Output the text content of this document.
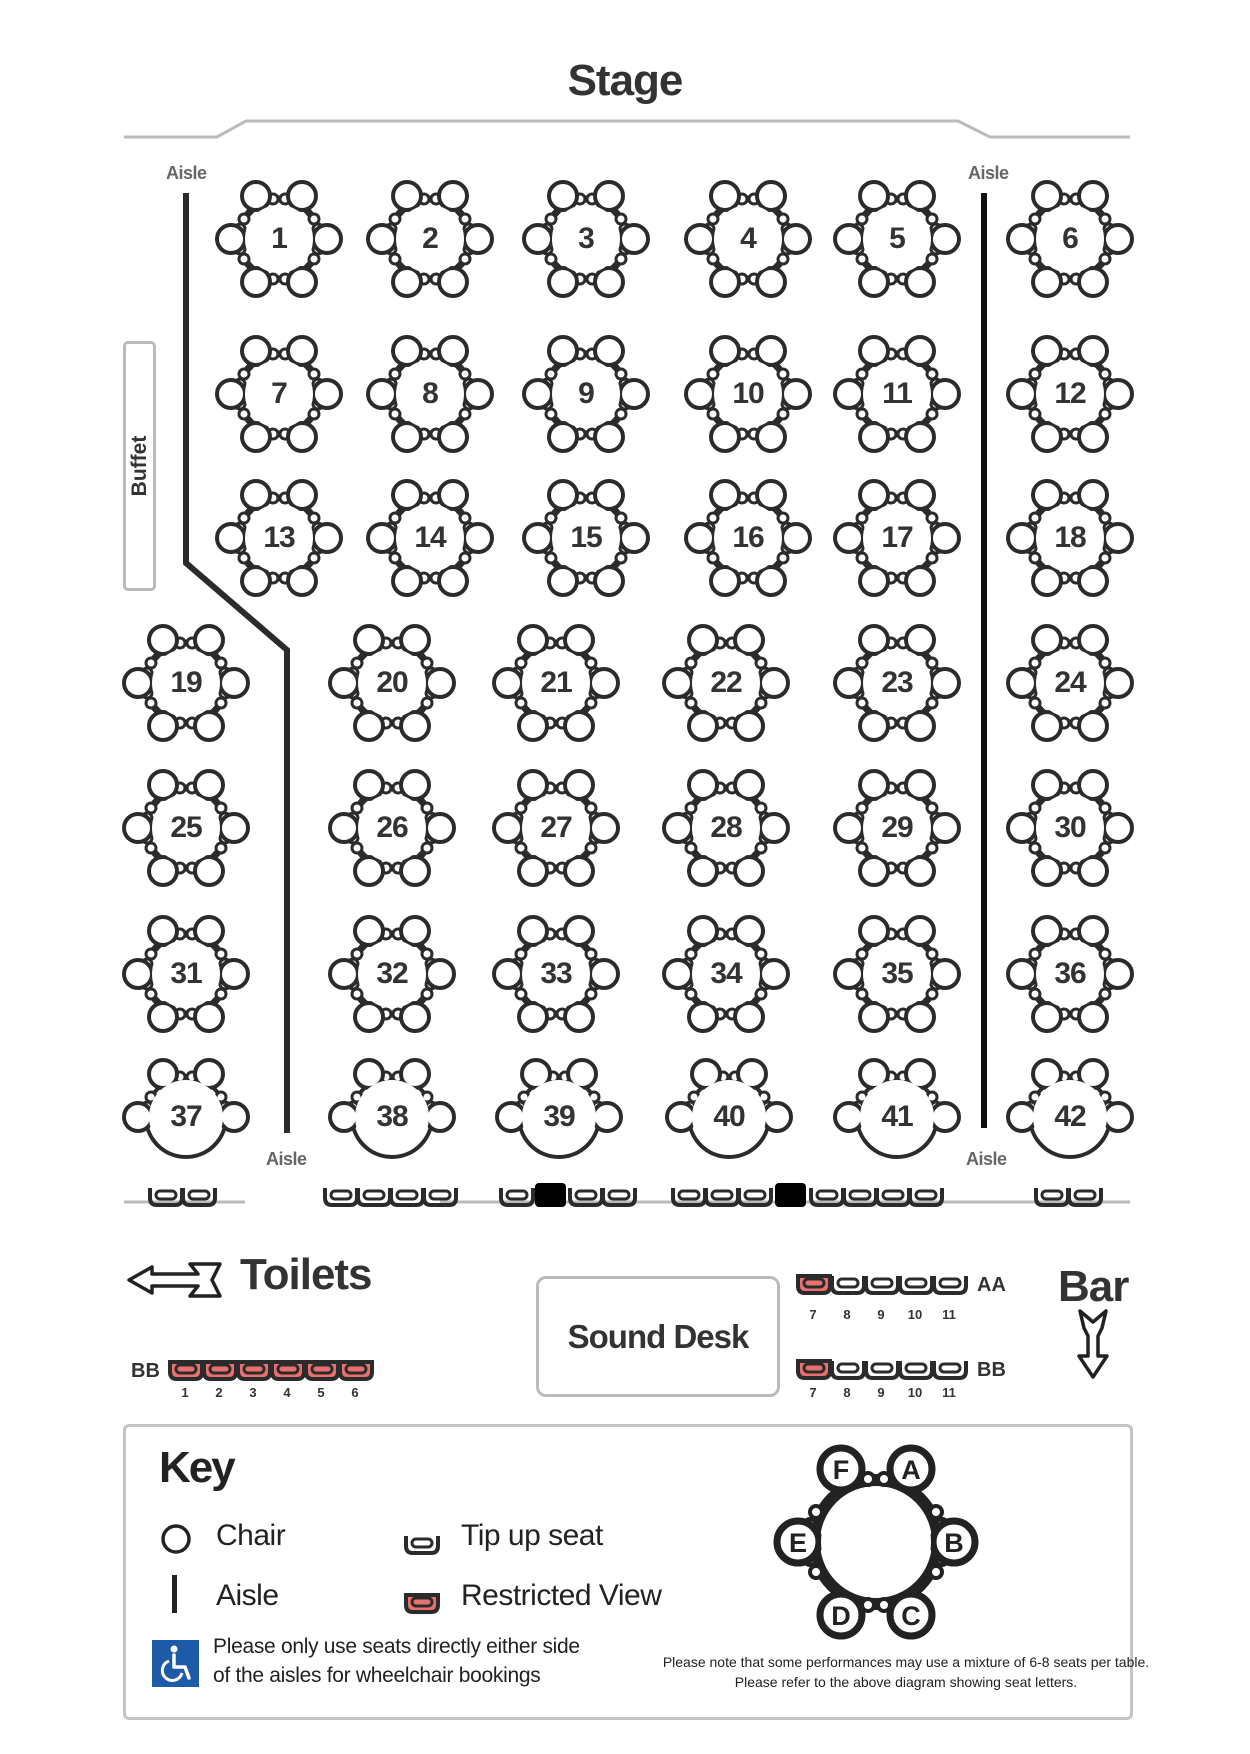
Stage
Aisle	Aisle
Aisle	Aisle
Buffet
1	2	3	4	5	6
7	8	9	10	11	12
13	14	15	16	17	18
19	20	21	22	23	24
25	26	27	28	29	30
31	32	33	34	35	36
37	38	39	40	41	42
Toilets
BB
1	2	3	4	5	6
Sound Desk
AA
7	8	9	10 11
BB
7	8	9	10 11
Bar
Key
Chair
Aisle
Tip up seat
Restricted View
Please only use seats directly either side
of the aisles for wheelchair bookings
A
B
C
D
E
F
Please note that some performances may use a mixture of 6-8 seats per table.
Please refer to the above diagram showing seat letters.
